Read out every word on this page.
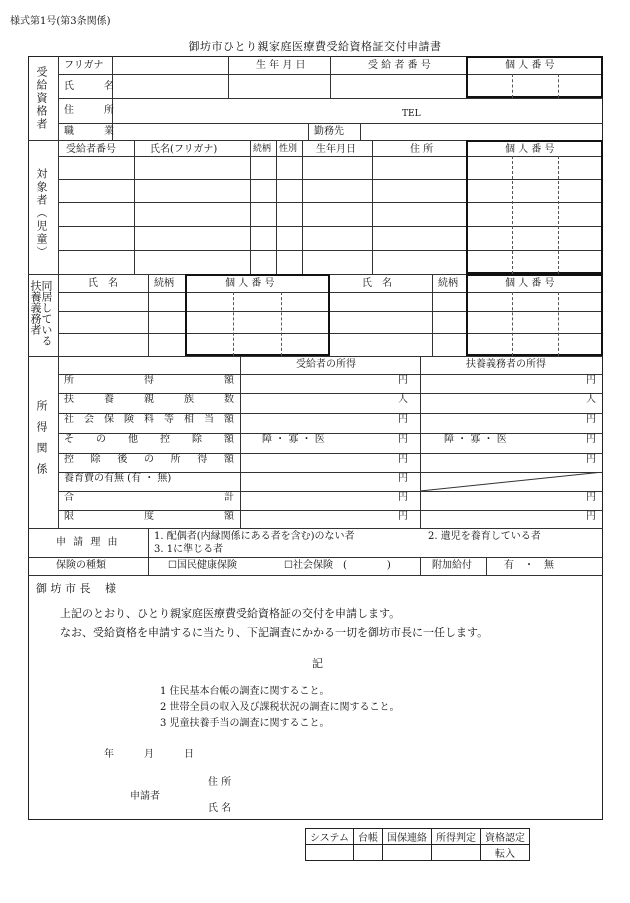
様式第1号(第3条関係)
御坊市ひとり親家庭医療費受給資格証交付申請書
受給資格者
フリガナ	生 年 月 日	受 給 者 番 号	個 人 番 号
氏　名
住　所	TEL
職　業	勤務先
対象者（児童）
受給者番号	氏名(フリガナ)	続柄 性別 生年月日	住 所	個 人 番 号
同居している扶養義務者	氏　名	続柄	個 人 番 号	氏　名	続柄	個 人 番 号
所得関係
受給者の所得	扶養義務者の所得
所得額	円	円
扶養親族数	人	人
社会保険料等相当額	円	円
その他控除額	障 ・ 寡 ・ 医	円	障 ・ 寡 ・ 医	円
控除後の所得額	円	円
養育費の有無 (有 ・ 無)	円
合計	円	円
限度額	円	円
申 請 理 由
1. 配偶者(内縁関係にある者を含む)のない者	2. 遺児を養育している者
3. 1に準じる者
保険の種類	☐国民健康保険	☐社会保険　(　　　　)	附加給付	有　・　無
御 坊 市 長　 様
上記のとおり、ひとり親家庭医療費受給資格証の交付を申請します。
なお、受給資格を申請するに当たり、下記調査にかかる一切を御坊市長に一任します。
記
1 住民基本台帳の調査に関すること。
2 世帯全員の収入及び課税状況の調査に関すること。
3 児童扶養手当の調査に関すること。
年　　　月　　　日
住 所
申請者
氏 名
システム	台帳	国保連絡	所得判定	資格認定
				転入
